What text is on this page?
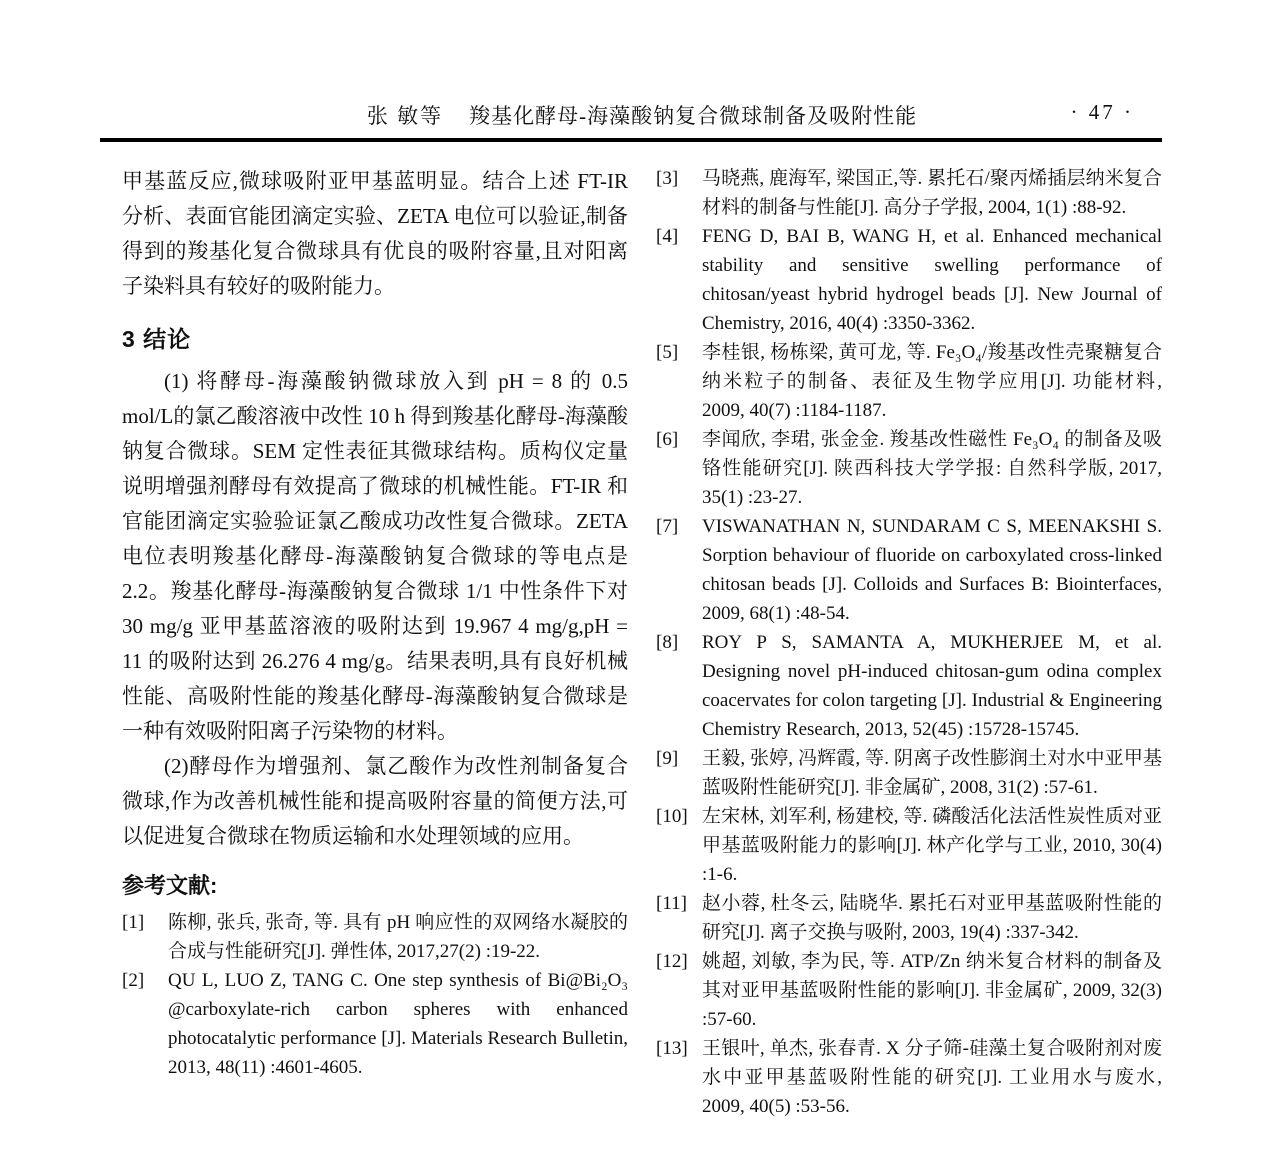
张 敏等 羧基化酵母-海藻酸钠复合微球制备及吸附性能	· 47 ·

甲基蓝反应,微球吸附亚甲基蓝明显。结合上述 FT-IR 分析、表面官能团滴定实验、ZETA 电位可以验证,制备得到的羧基化复合微球具有优良的吸附容量,且对阳离子染料具有较好的吸附能力。

3 结论

(1) 将酵母-海藻酸钠微球放入到 pH = 8 的 0.5 mol/L的氯乙酸溶液中改性 10 h 得到羧基化酵母-海藻酸钠复合微球。SEM 定性表征其微球结构。质构仪定量说明增强剂酵母有效提高了微球的机械性能。FT-IR 和官能团滴定实验验证氯乙酸成功改性复合微球。ZETA 电位表明羧基化酵母-海藻酸钠复合微球的等电点是 2.2。羧基化酵母-海藻酸钠复合微球 1/1 中性条件下对 30 mg/g 亚甲基蓝溶液的吸附达到 19.967 4 mg/g,pH = 11 的吸附达到 26.276 4 mg/g。结果表明,具有良好机械性能、高吸附性能的羧基化酵母-海藻酸钠复合微球是一种有效吸附阳离子污染物的材料。

(2)酵母作为增强剂、氯乙酸作为改性剂制备复合微球,作为改善机械性能和提高吸附容量的简便方法,可以促进复合微球在物质运输和水处理领域的应用。

参考文献:
[1]	陈柳, 张兵, 张奇, 等. 具有 pH 响应性的双网络水凝胶的合成与性能研究[J]. 弹性体, 2017,27(2) :19-22.
[2]	QU L, LUO Z, TANG C. One step synthesis of Bi@Bi₂O₃ @carboxylate-rich carbon spheres with enhanced photocatalytic performance [J]. Materials Research Bulletin, 2013, 48(11) :4601-4605.
[3]	马晓燕, 鹿海军, 梁国正,等. 累托石/聚丙烯插层纳米复合材料的制备与性能[J]. 高分子学报, 2004, 1(1) :88-92.
[4]	FENG D, BAI B, WANG H, et al. Enhanced mechanical stability and sensitive swelling performance of chitosan/yeast hybrid hydrogel beads [J]. New Journal of Chemistry, 2016, 40(4) :3350-3362.
[5]	李桂银, 杨栋梁, 黄可龙, 等. Fe₃O₄/羧基改性壳聚糖复合纳米粒子的制备、表征及生物学应用[J]. 功能材料, 2009, 40(7) :1184-1187.
[6]	李闻欣, 李珺, 张金金. 羧基改性磁性 Fe₃O₄ 的制备及吸铬性能研究[J]. 陕西科技大学学报: 自然科学版, 2017, 35(1) :23-27.
[7]	VISWANATHAN N, SUNDARAM C S, MEENAKSHI S. Sorption behaviour of fluoride on carboxylated cross-linked chitosan beads [J]. Colloids and Surfaces B: Biointerfaces, 2009, 68(1) :48-54.
[8]	ROY P S, SAMANTA A, MUKHERJEE M, et al. Designing novel pH-induced chitosan-gum odina complex coacervates for colon targeting [J]. Industrial & Engineering Chemistry Research, 2013, 52(45) :15728-15745.
[9]	王毅, 张婷, 冯辉霞, 等. 阴离子改性膨润土对水中亚甲基蓝吸附性能研究[J]. 非金属矿, 2008, 31(2) :57-61.
[10] 左宋林, 刘军利, 杨建校, 等. 磷酸活化法活性炭性质对亚甲基蓝吸附能力的影响[J]. 林产化学与工业, 2010, 30(4) :1-6.
[11] 赵小蓉, 杜冬云, 陆晓华. 累托石对亚甲基蓝吸附性能的研究[J]. 离子交换与吸附, 2003, 19(4) :337-342.
[12] 姚超, 刘敏, 李为民, 等. ATP/Zn 纳米复合材料的制备及其对亚甲基蓝吸附性能的影响[J]. 非金属矿, 2009, 32(3) :57-60.
[13] 王银叶, 单杰, 张春青. X 分子筛-硅藻土复合吸附剂对废水中亚甲基蓝吸附性能的研究[J]. 工业用水与废水, 2009, 40(5) :53-56.
